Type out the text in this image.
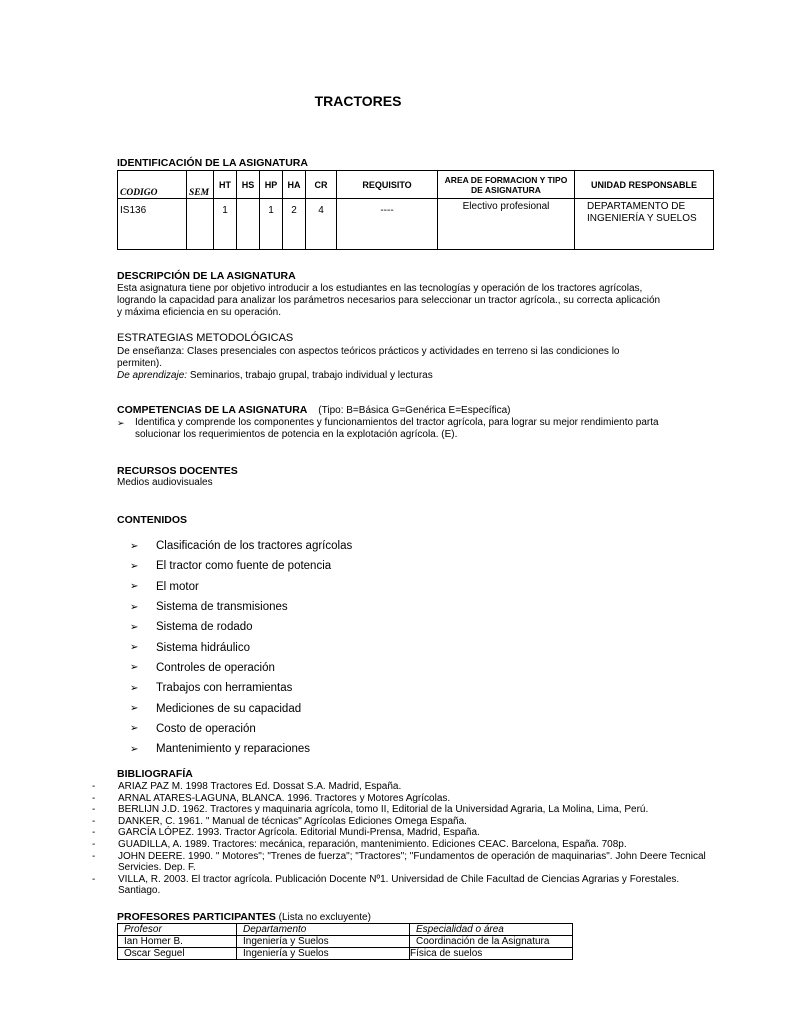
TRACTORES
IDENTIFICACIÓN DE LA ASIGNATURA
CODIGO	SEM	HT	HS	HP	HA	CR	REQUISITO	AREA DE FORMACION Y TIPO DE ASIGNATURA	UNIDAD RESPONSABLE
IS136		1		1	2	4	----	Electivo profesional	DEPARTAMENTO DE INGENIERÍA Y SUELOS
DESCRIPCIÓN DE LA ASIGNATURA
Esta asignatura tiene por objetivo introducir a los estudiantes en las tecnologías y operación de los tractores agrícolas,
logrando la capacidad para analizar los parámetros necesarios para seleccionar un tractor agrícola., su correcta aplicación
y máxima eficiencia en su operación.
ESTRATEGIAS METODOLÓGICAS
De enseñanza: Clases presenciales con aspectos teóricos prácticos y actividades en terreno si las condiciones lo
permiten).
De aprendizaje: Seminarios, trabajo grupal, trabajo individual y lecturas
COMPETENCIAS DE LA ASIGNATURA (Tipo: B=Básica G=Genérica E=Específica)
➢	Identifica y comprende los componentes y funcionamientos del tractor agrícola, para lograr su mejor rendimiento parta
solucionar los requerimientos de potencia en la explotación agrícola. (E).
RECURSOS DOCENTES
Medios audiovisuales
CONTENIDOS
➢	Clasificación de los tractores agrícolas
➢	El tractor como fuente de potencia
➢	El motor
➢	Sistema de transmisiones
➢	Sistema de rodado
➢	Sistema hidráulico
➢	Controles de operación
➢	Trabajos con herramientas
➢	Mediciones de su capacidad
➢	Costo de operación
➢	Mantenimiento y reparaciones
BIBLIOGRAFÍA
-	ARIAZ PAZ M. 1998 Tractores Ed. Dossat S.A. Madrid, España.
-	ARNAL ATARES-LAGUNA, BLANCA. 1996. Tractores y Motores Agrícolas.
-	BERLIJN J.D. 1962. Tractores y maquinaria agrícola, tomo II, Editorial de la Universidad Agraria, La Molina, Lima, Perú.
-	DANKER, C. 1961. " Manual de técnicas" Agrícolas Ediciones Omega España.
-	GARCÍA LÓPEZ. 1993. Tractor Agrícola. Editorial Mundi-Prensa, Madrid, España.
-	GUADILLA, A. 1989. Tractores: mecánica, reparación, mantenimiento. Ediciones CEAC. Barcelona, España. 708p.
-	JOHN DEERE. 1990. " Motores"; "Trenes de fuerza"; "Tractores"; "Fundamentos de operación de maquinarias". John Deere Tecnical Servicies. Dep. F.
-	VILLA, R. 2003. El tractor agrícola. Publicación Docente Nº1. Universidad de Chile Facultad de Ciencias Agrarias y Forestales. Santiago.
PROFESORES PARTICIPANTES (Lista no excluyente)
Profesor	Departamento	Especialidad o área
Ian Homer B.	Ingeniería y Suelos	Coordinación de la Asignatura
Oscar Seguel	Ingeniería y Suelos	Física de suelos
